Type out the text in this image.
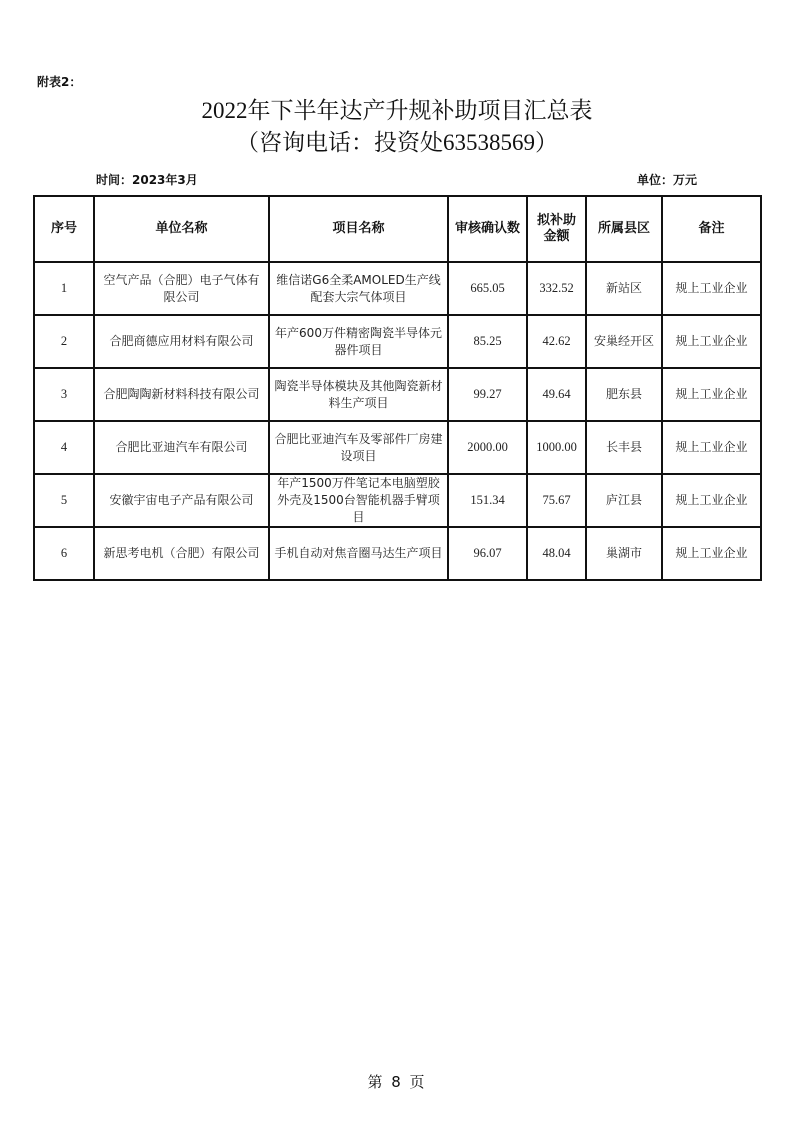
附表2：
2022年下半年达产升规补助项目汇总表
（咨询电话：投资处63538569）
时间：2023年3月	单位：万元
序号	单位名称	项目名称	审核确认数	拟补助金额	所属县区	备注
1	空气产品（合肥）电子气体有限公司	维信诺G6全柔AMOLED生产线配套大宗气体项目	665.05	332.52	新站区	规上工业企业
2	合肥商德应用材料有限公司	年产600万件精密陶瓷半导体元器件项目	85.25	42.62	安巢经开区	规上工业企业
3	合肥陶陶新材料科技有限公司	陶瓷半导体模块及其他陶瓷新材料生产项目	99.27	49.64	肥东县	规上工业企业
4	合肥比亚迪汽车有限公司	合肥比亚迪汽车及零部件厂房建设项目	2000.00	1000.00	长丰县	规上工业企业
5	安徽宇宙电子产品有限公司	年产1500万件笔记本电脑塑胶外壳及1500台智能机器手臂项目	151.34	75.67	庐江县	规上工业企业
6	新思考电机（合肥）有限公司	手机自动对焦音圈马达生产项目	96.07	48.04	巢湖市	规上工业企业
第 8 页
